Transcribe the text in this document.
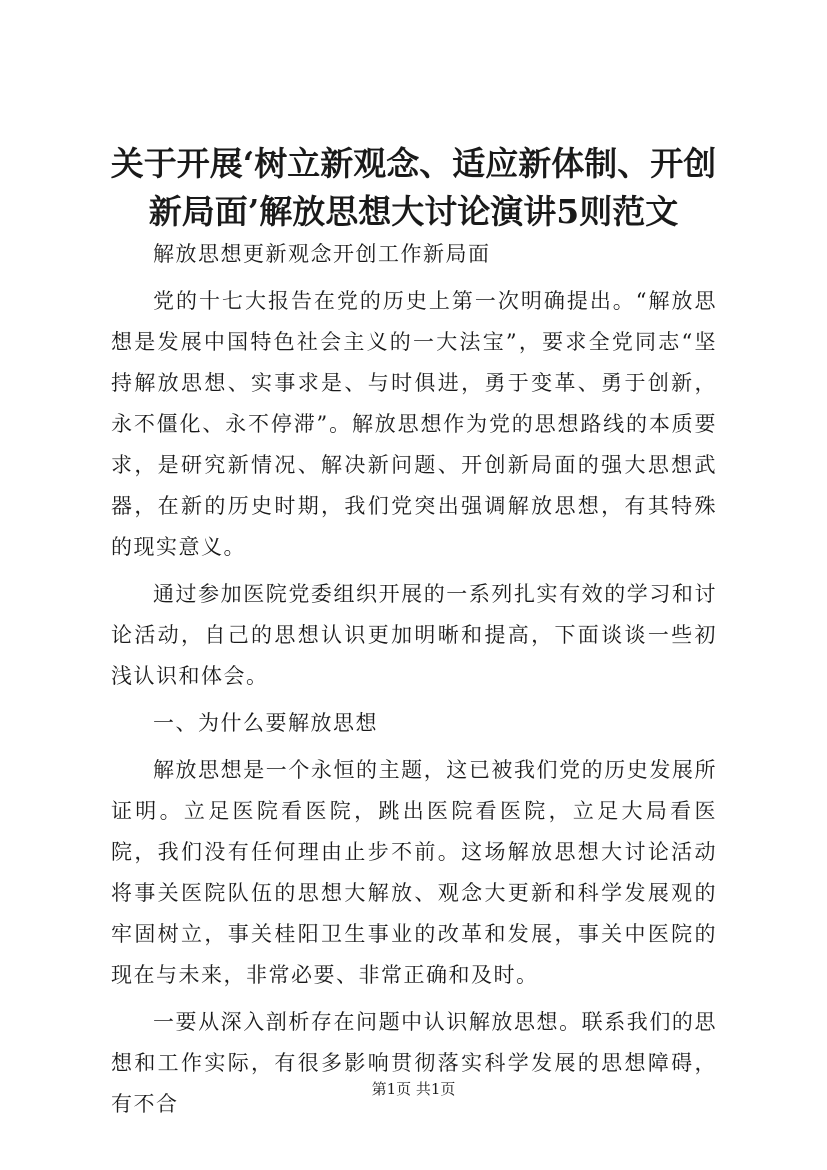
关于开展‘树立新观念、适应新体制、开创新局面’解放思想大讨论演讲5则范文

解放思想更新观念开创工作新局面

党的十七大报告在党的历史上第一次明确提出。“解放思想是发展中国特色社会主义的一大法宝”，要求全党同志“坚持解放思想、实事求是、与时俱进，勇于变革、勇于创新，永不僵化、永不停滞”。解放思想作为党的思想路线的本质要求，是研究新情况、解决新问题、开创新局面的强大思想武器，在新的历史时期，我们党突出强调解放思想，有其特殊的现实意义。

通过参加医院党委组织开展的一系列扎实有效的学习和讨论活动，自己的思想认识更加明晰和提高，下面谈谈一些初浅认识和体会。

一、为什么要解放思想

解放思想是一个永恒的主题，这已被我们党的历史发展所证明。立足医院看医院，跳出医院看医院，立足大局看医院，我们没有任何理由止步不前。这场解放思想大讨论活动将事关医院队伍的思想大解放、观念大更新和科学发展观的牢固树立，事关桂阳卫生事业的改革和发展，事关中医院的现在与未来，非常必要、非常正确和及时。

一要从深入剖析存在问题中认识解放思想。联系我们的思想和工作实际，有很多影响贯彻落实科学发展的思想障碍，有不合

第1页 共1页
